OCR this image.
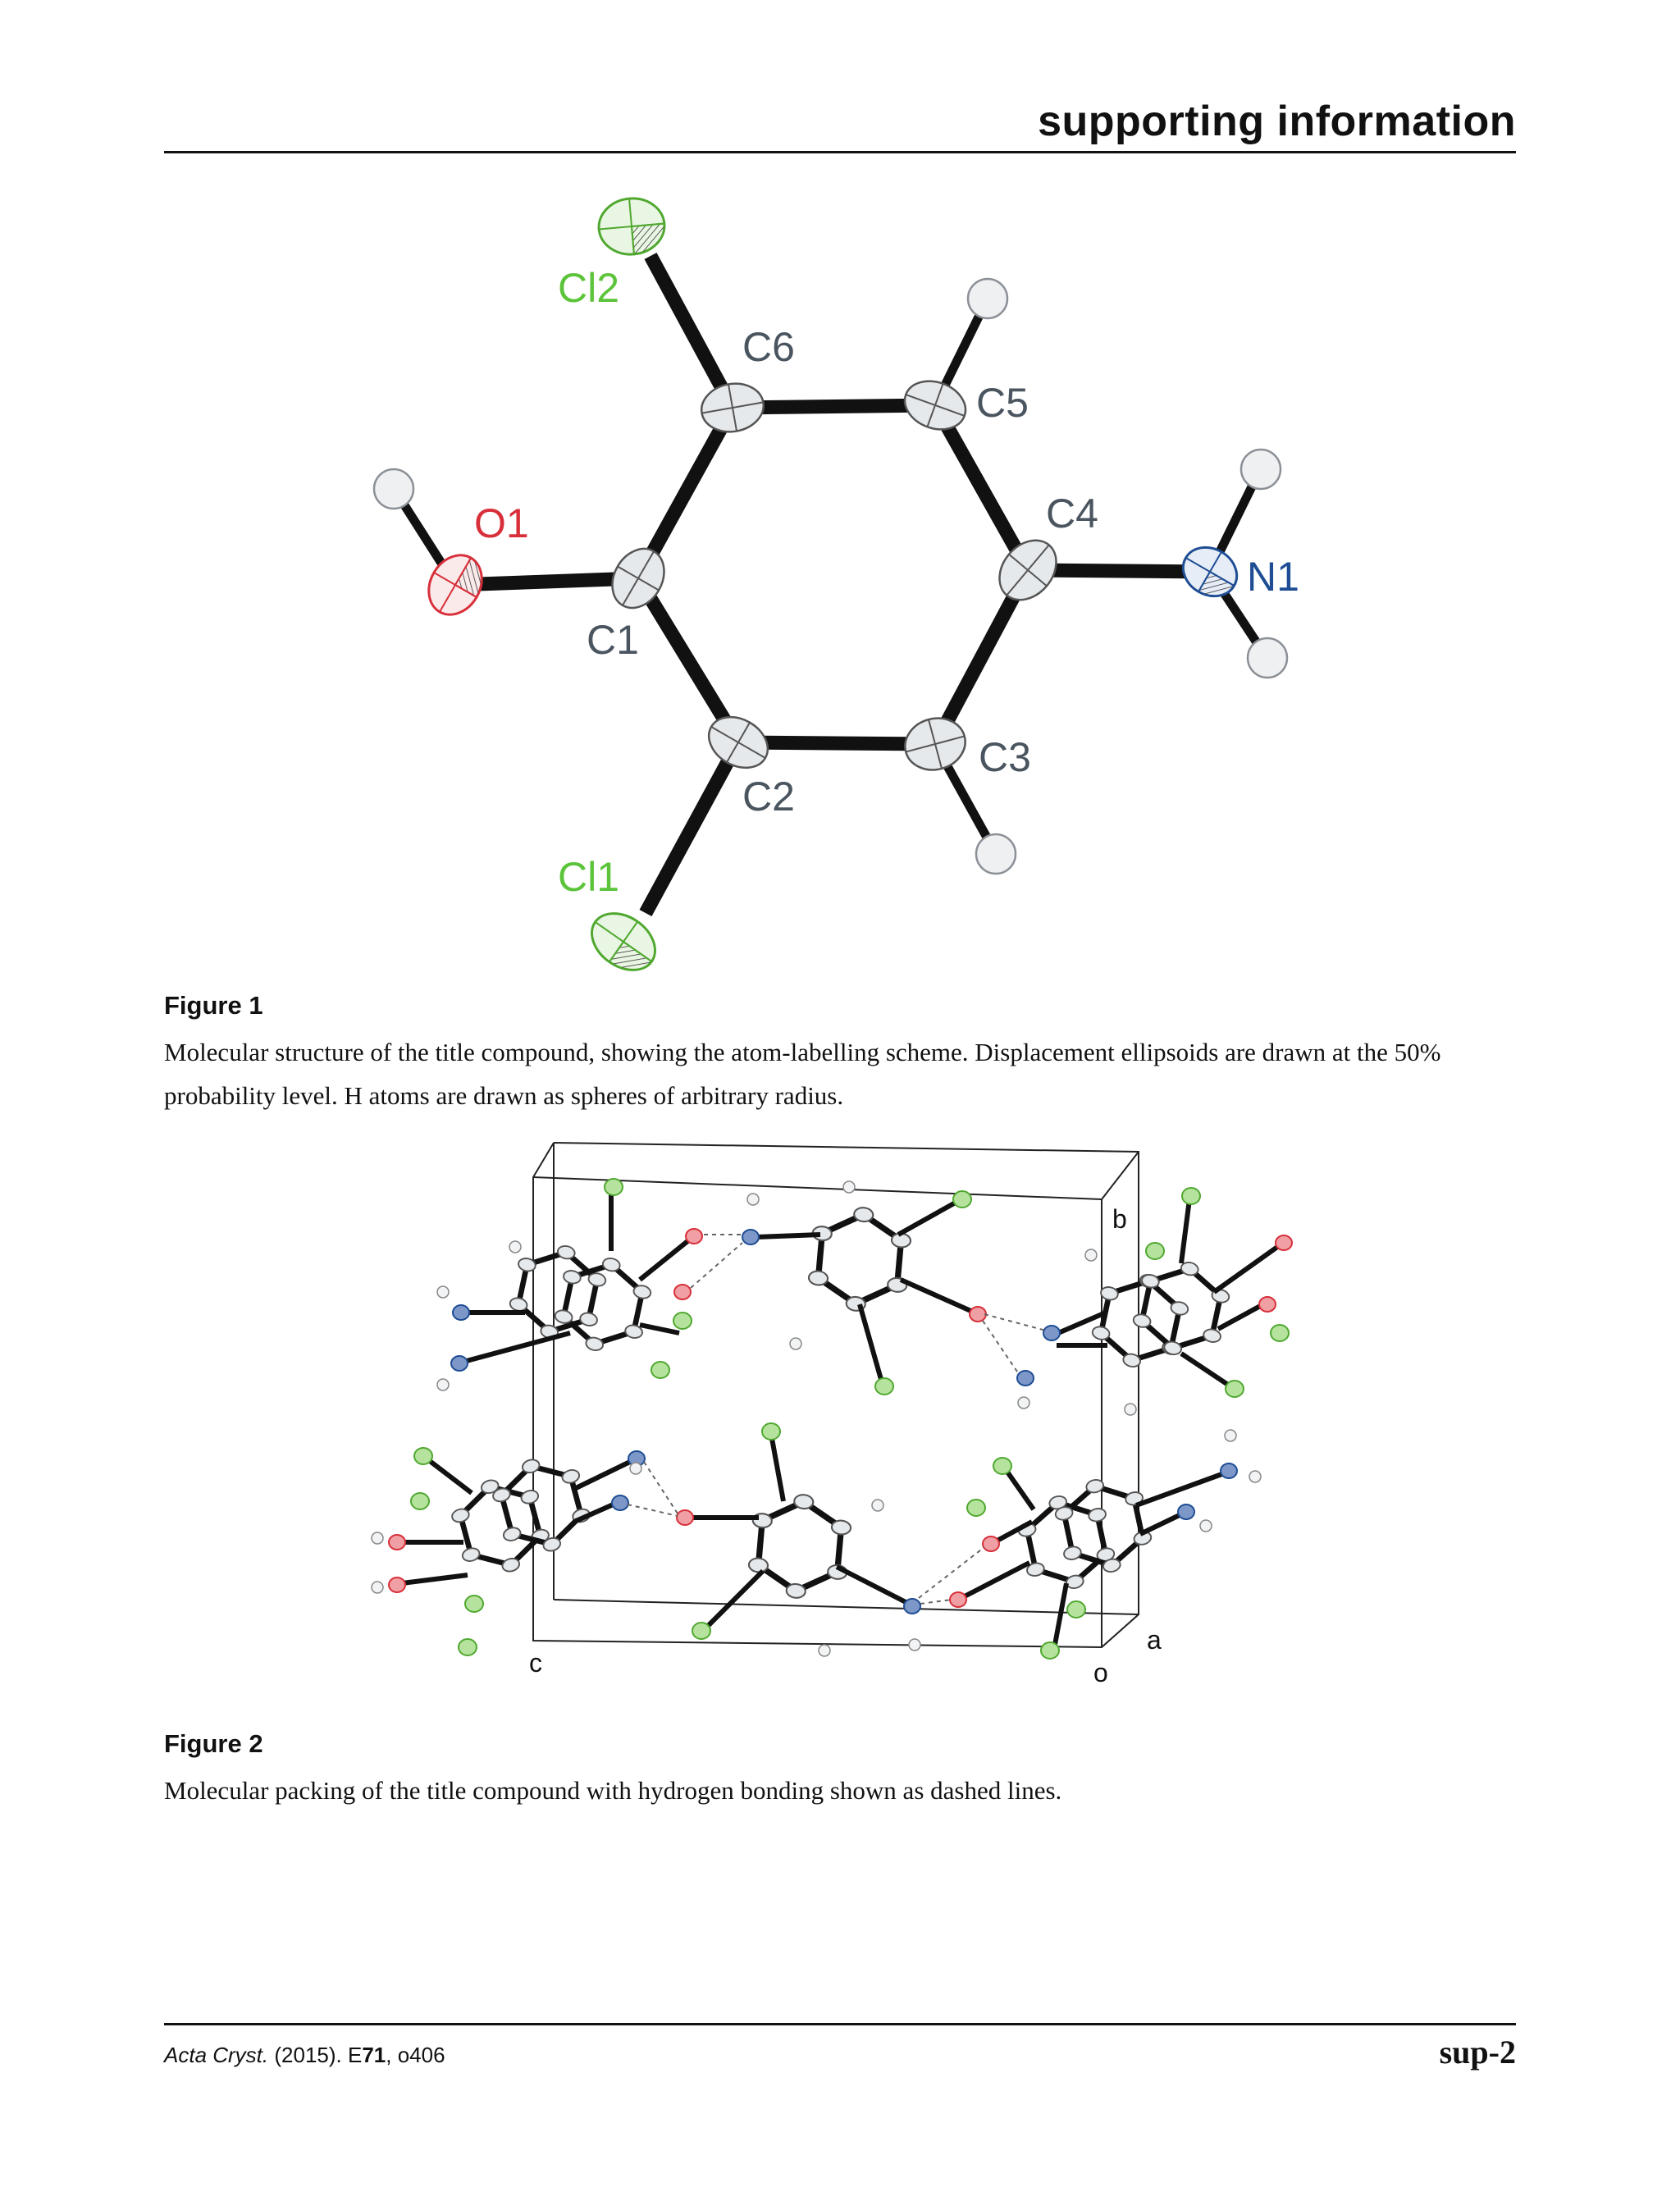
supporting information
Cl2
C6
C5
O1	C4
N1
C1
C3
C2
Cl1
Figure 1
Molecular structure of the title compound, showing the atom-labelling scheme. Displacement ellipsoids are drawn at the 50% probability level. H atoms are drawn as spheres of arbitrary radius.
b
a
c	o
Figure 2
Molecular packing of the title compound with hydrogen bonding shown as dashed lines.
Acta Cryst. (2015). E71, o406	sup-2
